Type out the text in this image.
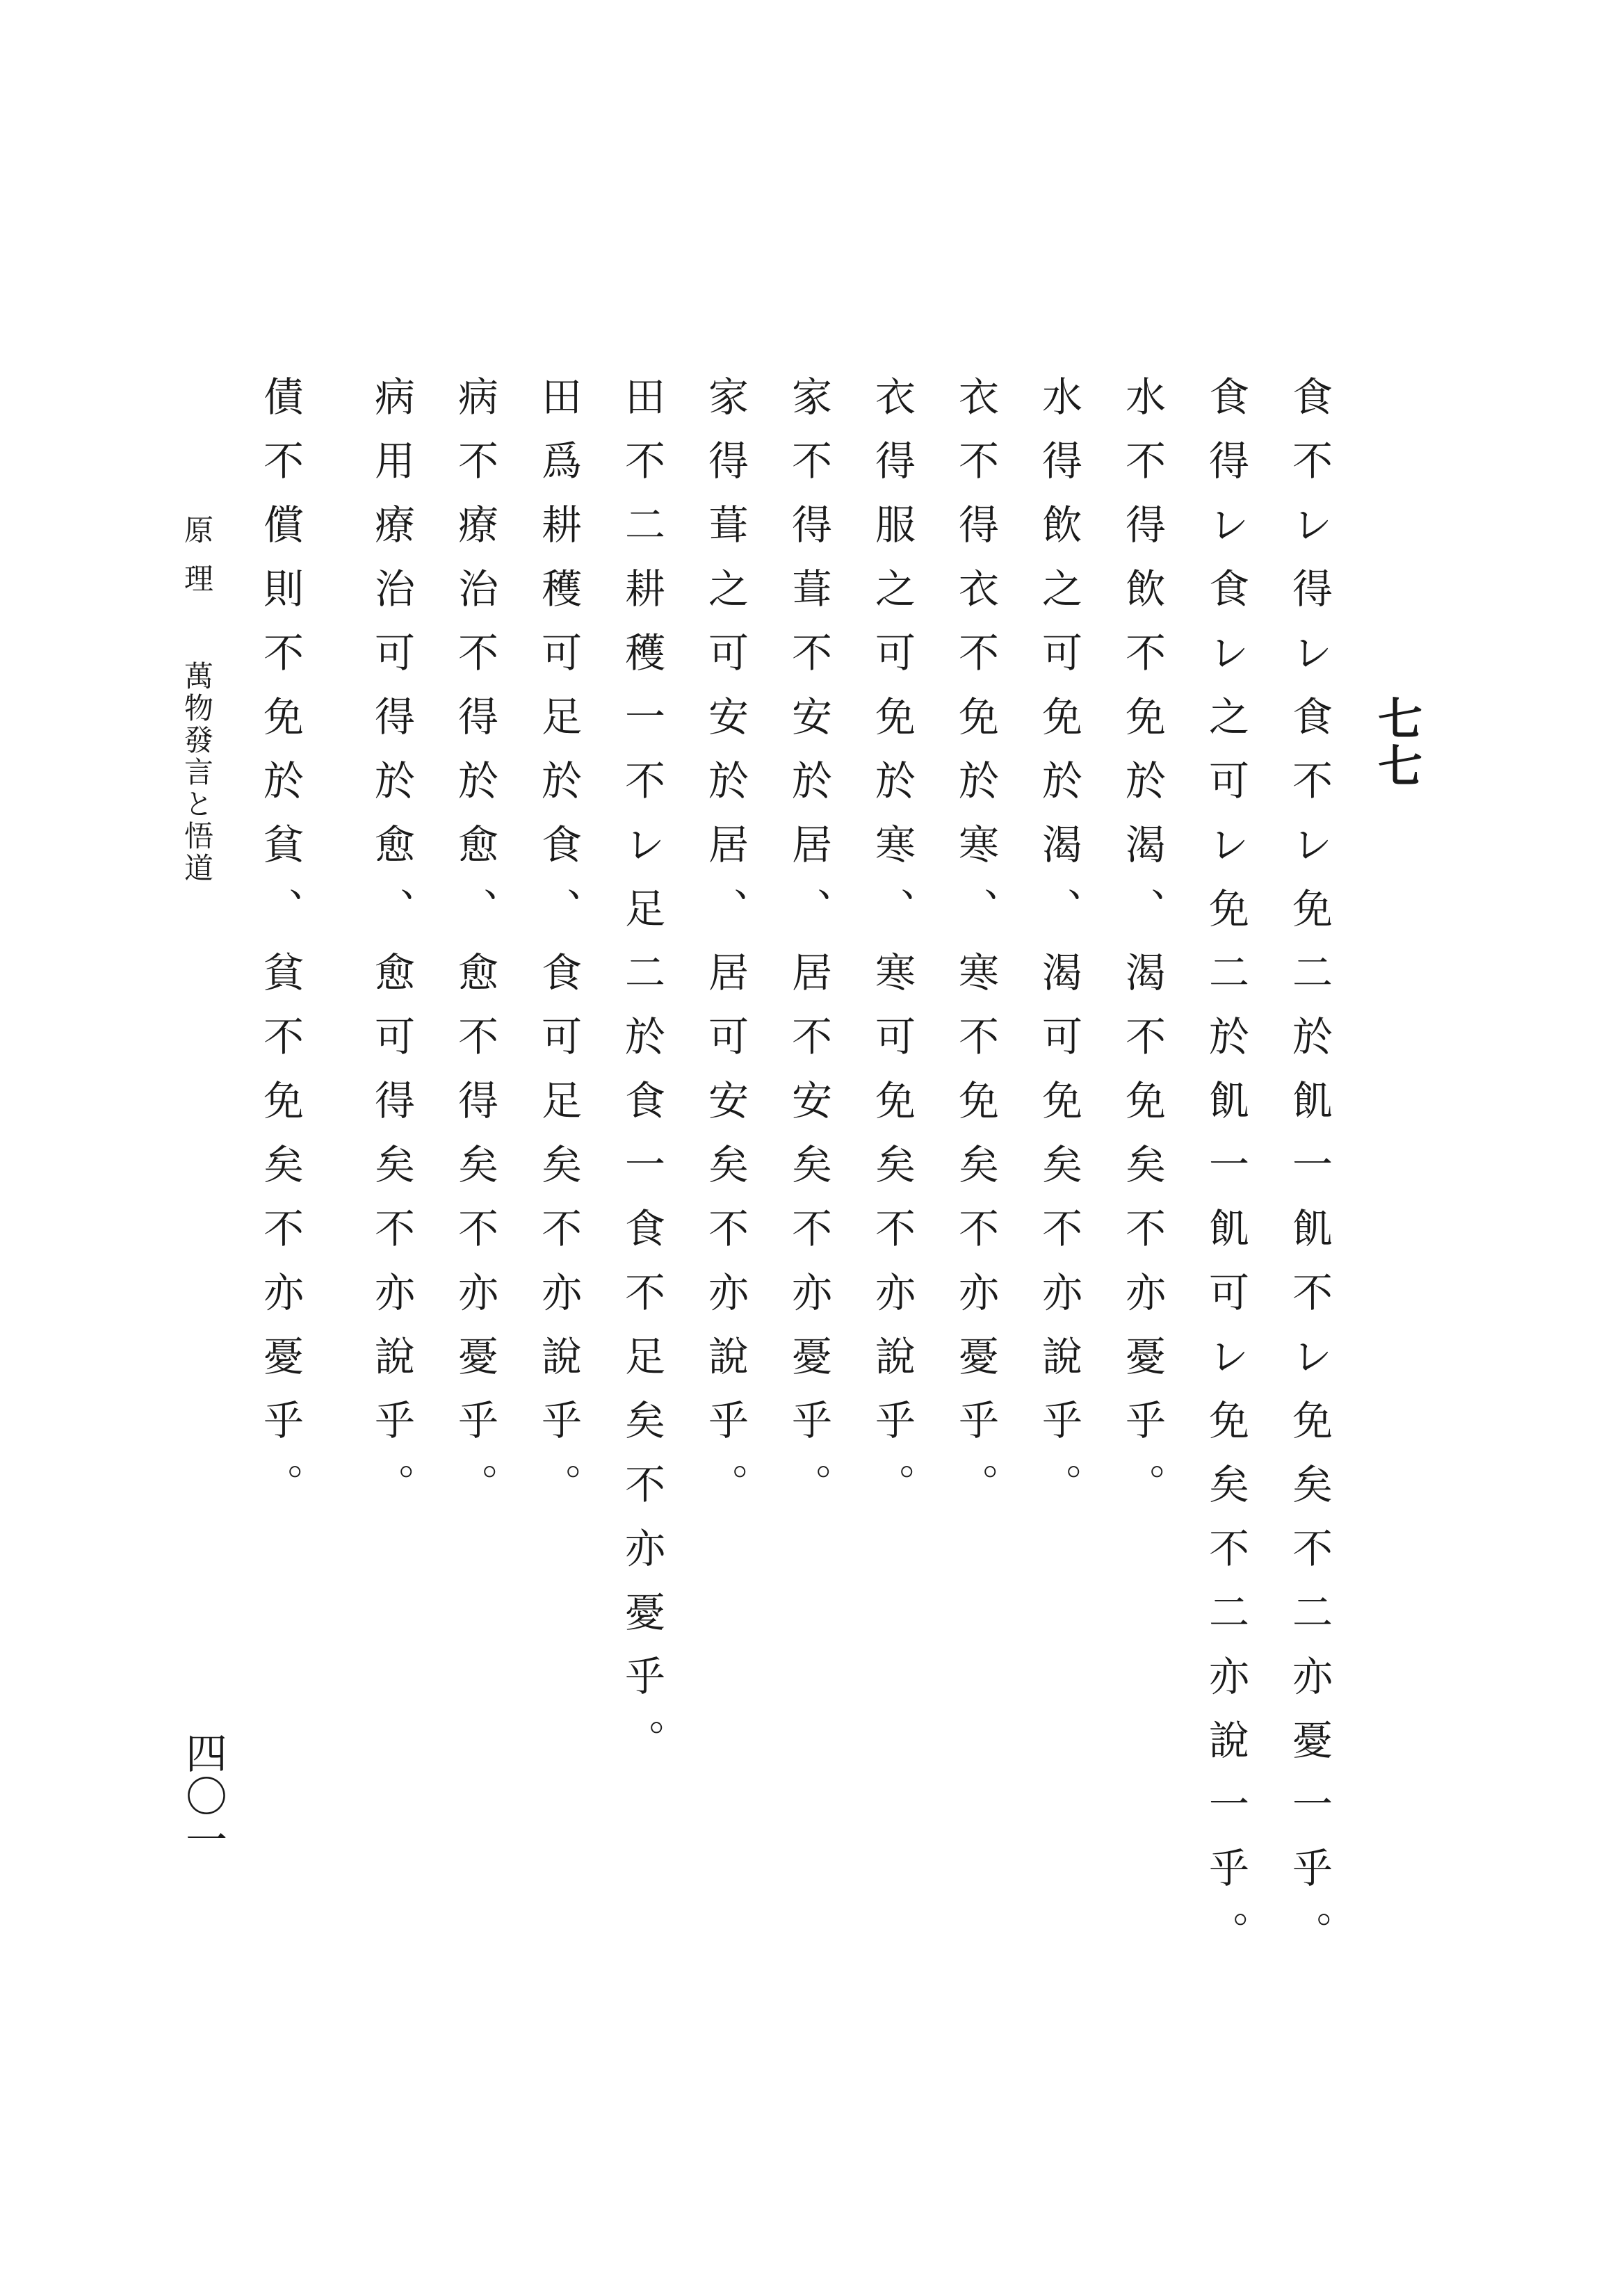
七七
食不レ得レ食不レ免二於飢一飢不レ免矣不二亦憂一乎。
食得レ食レ之可レ免二於飢一飢可レ免矣不二亦說一乎。
水不得飲不免於渴、渴不免矣不亦憂乎。
水得飲之可免於渴、渴可免矣不亦說乎。
衣不得衣不免於寒、寒不免矣不亦憂乎。
衣得服之可免於寒、寒可免矣不亦說乎。
家不得葺不安於居、居不安矣不亦憂乎。
家得葺之可安於居、居可安矣不亦說乎。
田不二耕穫一不レ足二於食一食不足矣不亦憂乎。
田爲耕穫可足於食、食可足矣不亦說乎。
病不療治不得於愈、愈不得矣不亦憂乎。
病用療治可得於愈、愈可得矣不亦說乎。
債不償則不免於貧、貧不免矣不亦憂乎。
原理萬物發言と悟道
四〇一
